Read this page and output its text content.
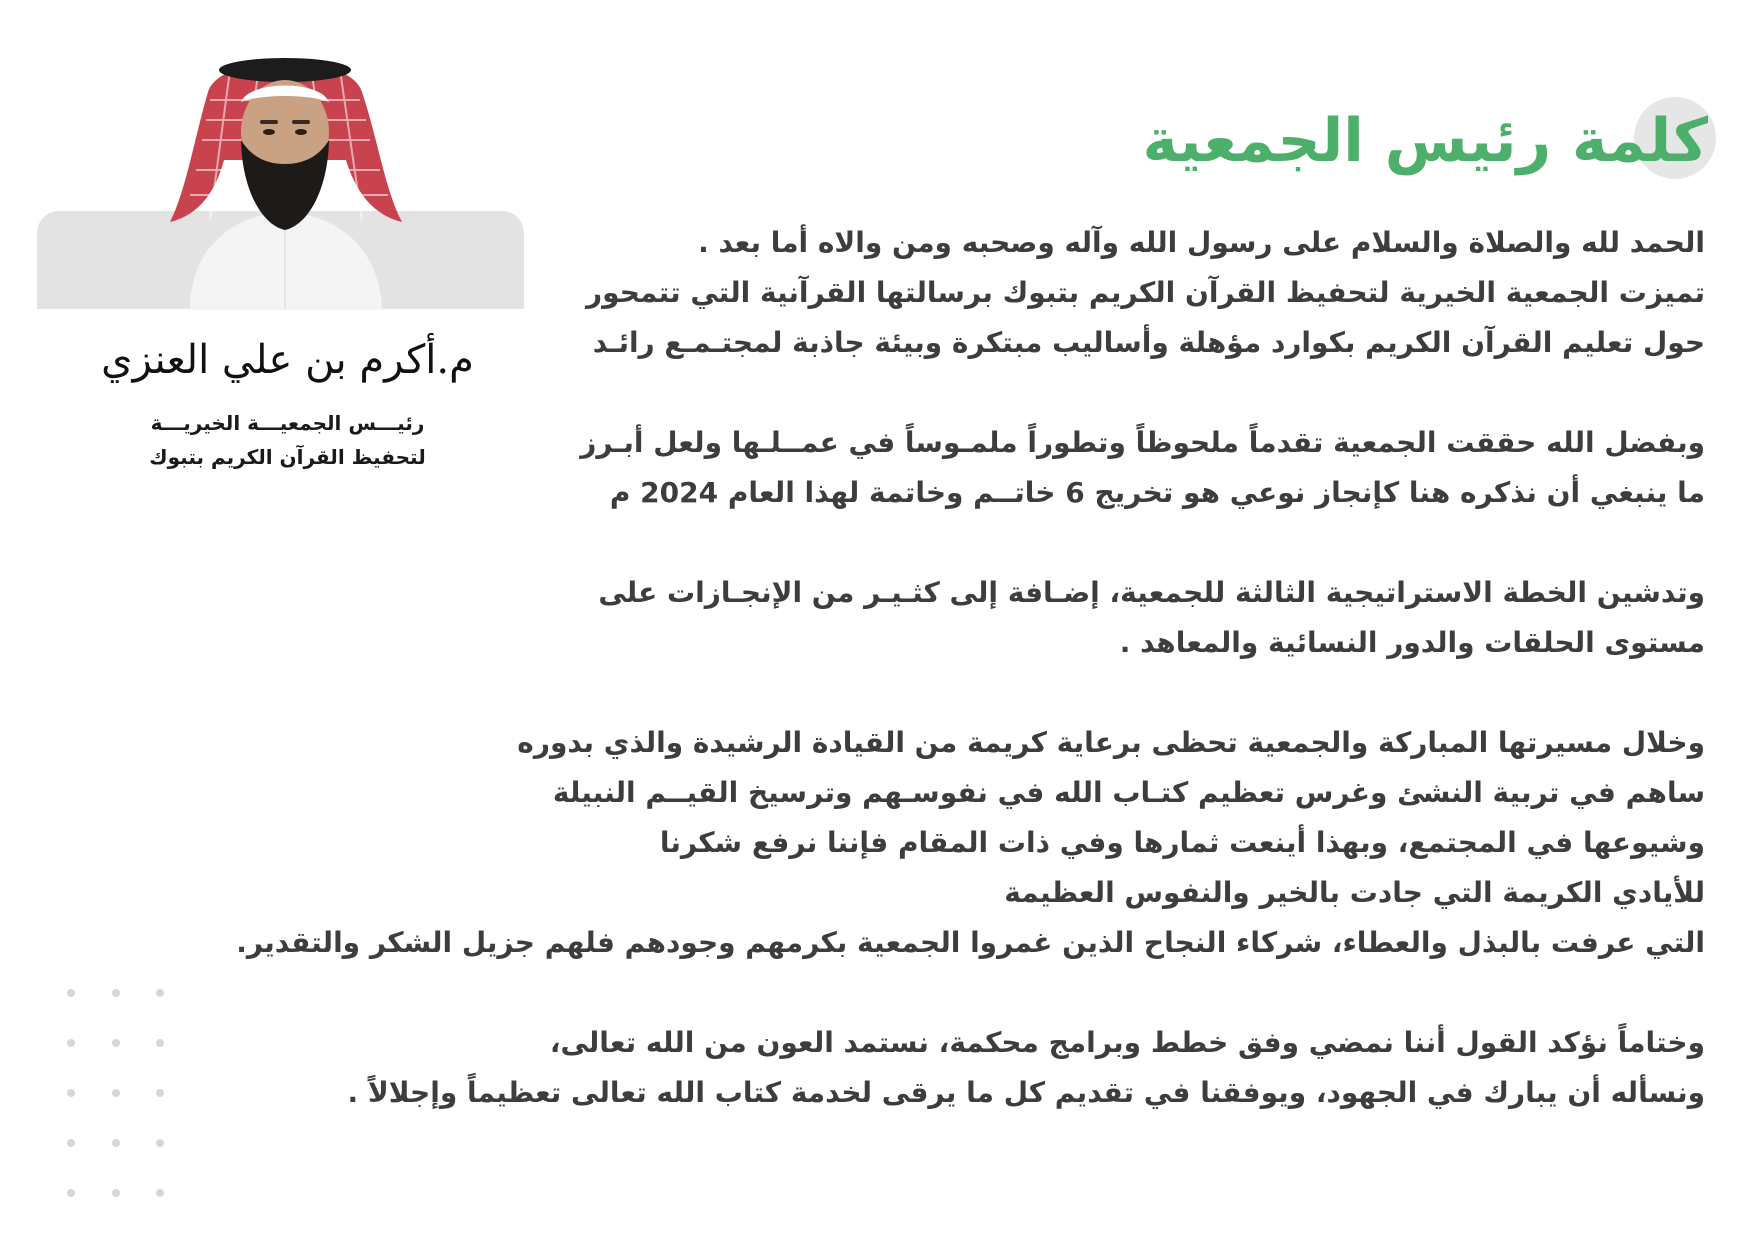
م.أكرم بن علي العنزي
رئيـــس الجمعيـــة الخيريـــة
لتحفيظ القرآن الكريم بتبوك
كلمة رئيس الجمعية
الحمد لله والصلاة والسلام على رسول الله وآله وصحبه ومن والاه أما بعد .
تميزت الجمعية الخيرية لتحفيظ القرآن الكريم بتبوك برسالتها القرآنية التي تتمحور
حول تعليم القرآن الكريم بكوارد مؤهلة وأساليب مبتكرة وبيئة جاذبة لمجتـمـع رائـد
وبفضل الله حققت الجمعية تقدماً ملحوظاً وتطوراً ملمـوساً في عمــلـها ولعل أبـرز
ما ينبغي أن نذكره هنا كإنجاز نوعي هو تخريج 6 خاتــم وخاتمة لهذا العام 2024 م
وتدشين الخطة الاستراتيجية الثالثة للجمعية، إضـافة إلى كثـيـر من الإنجـازات على
مستوى الحلقات والدور النسائية والمعاهد .
وخلال مسيرتها المباركة والجمعية تحظى برعاية كريمة من القيادة الرشيدة والذي بدوره
ساهم في تربية النشئ وغرس تعظيم كتـاب الله في نفوسـهم وترسيخ القيــم النبيلة
وشيوعها في المجتمع، وبهذا أينعت ثمارها وفي ذات المقام فإننا نرفع شكرنا
للأيادي الكريمة التي جادت بالخير والنفوس العظيمة
التي عرفت بالبذل والعطاء، شركاء النجاح الذين غمروا الجمعية بكرمهم وجودهم فلهم جزيل الشكر والتقدير.
وختاماً نؤكد القول أننا نمضي وفق خطط وبرامج محكمة، نستمد العون من الله تعالى،
ونسأله أن يبارك في الجهود، ويوفقنا في تقديم كل ما يرقى لخدمة كتاب الله تعالى تعظيماً وإجلالاً .
